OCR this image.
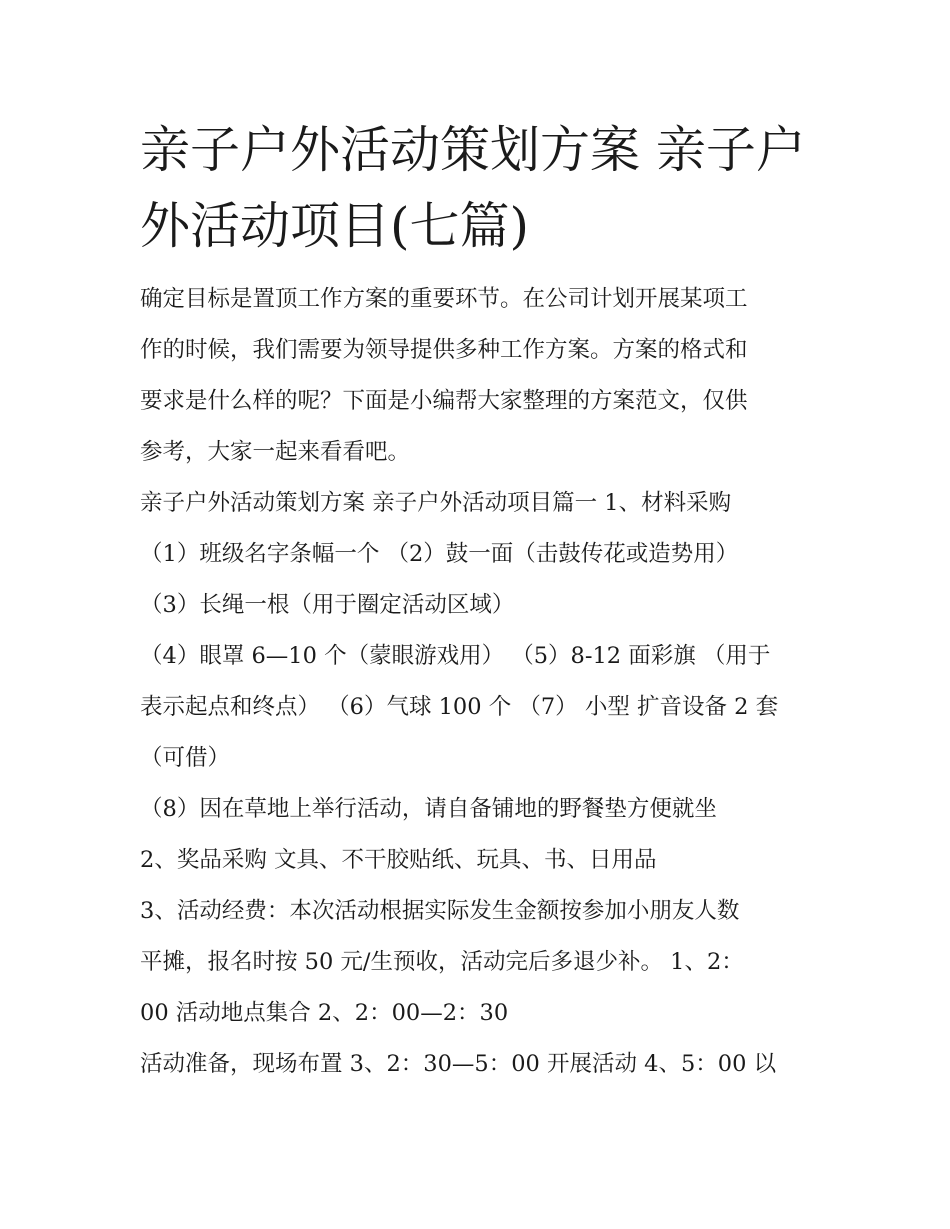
亲子户外活动策划方案 亲子户
外活动项目(七篇)

确定目标是置顶工作方案的重要环节。在公司计划开展某项工

作的时候，我们需要为领导提供多种工作方案。方案的格式和

要求是什么样的呢？下面是小编帮大家整理的方案范文，仅供

参考，大家一起来看看吧。

亲子户外活动策划方案 亲子户外活动项目篇一 1、材料采购

（1）班级名字条幅一个 （2）鼓一面（击鼓传花或造势用）

（3）长绳一根（用于圈定活动区域）

（4）眼罩 6—10 个（蒙眼游戏用） （5）8-12 面彩旗 （用于

表示起点和终点） （6）气球 100 个 （7） 小型 扩音设备 2 套

（可借）

（8）因在草地上举行活动，请自备铺地的野餐垫方便就坐

2、奖品采购 文具、不干胶贴纸、玩具、书、日用品

3、活动经费：本次活动根据实际发生金额按参加小朋友人数

平摊，报名时按 50 元/生预收，活动完后多退少补。 1、2：

00 活动地点集合 2、2：00—2：30

活动准备，现场布置 3、2：30—5：00 开展活动 4、5：00 以
